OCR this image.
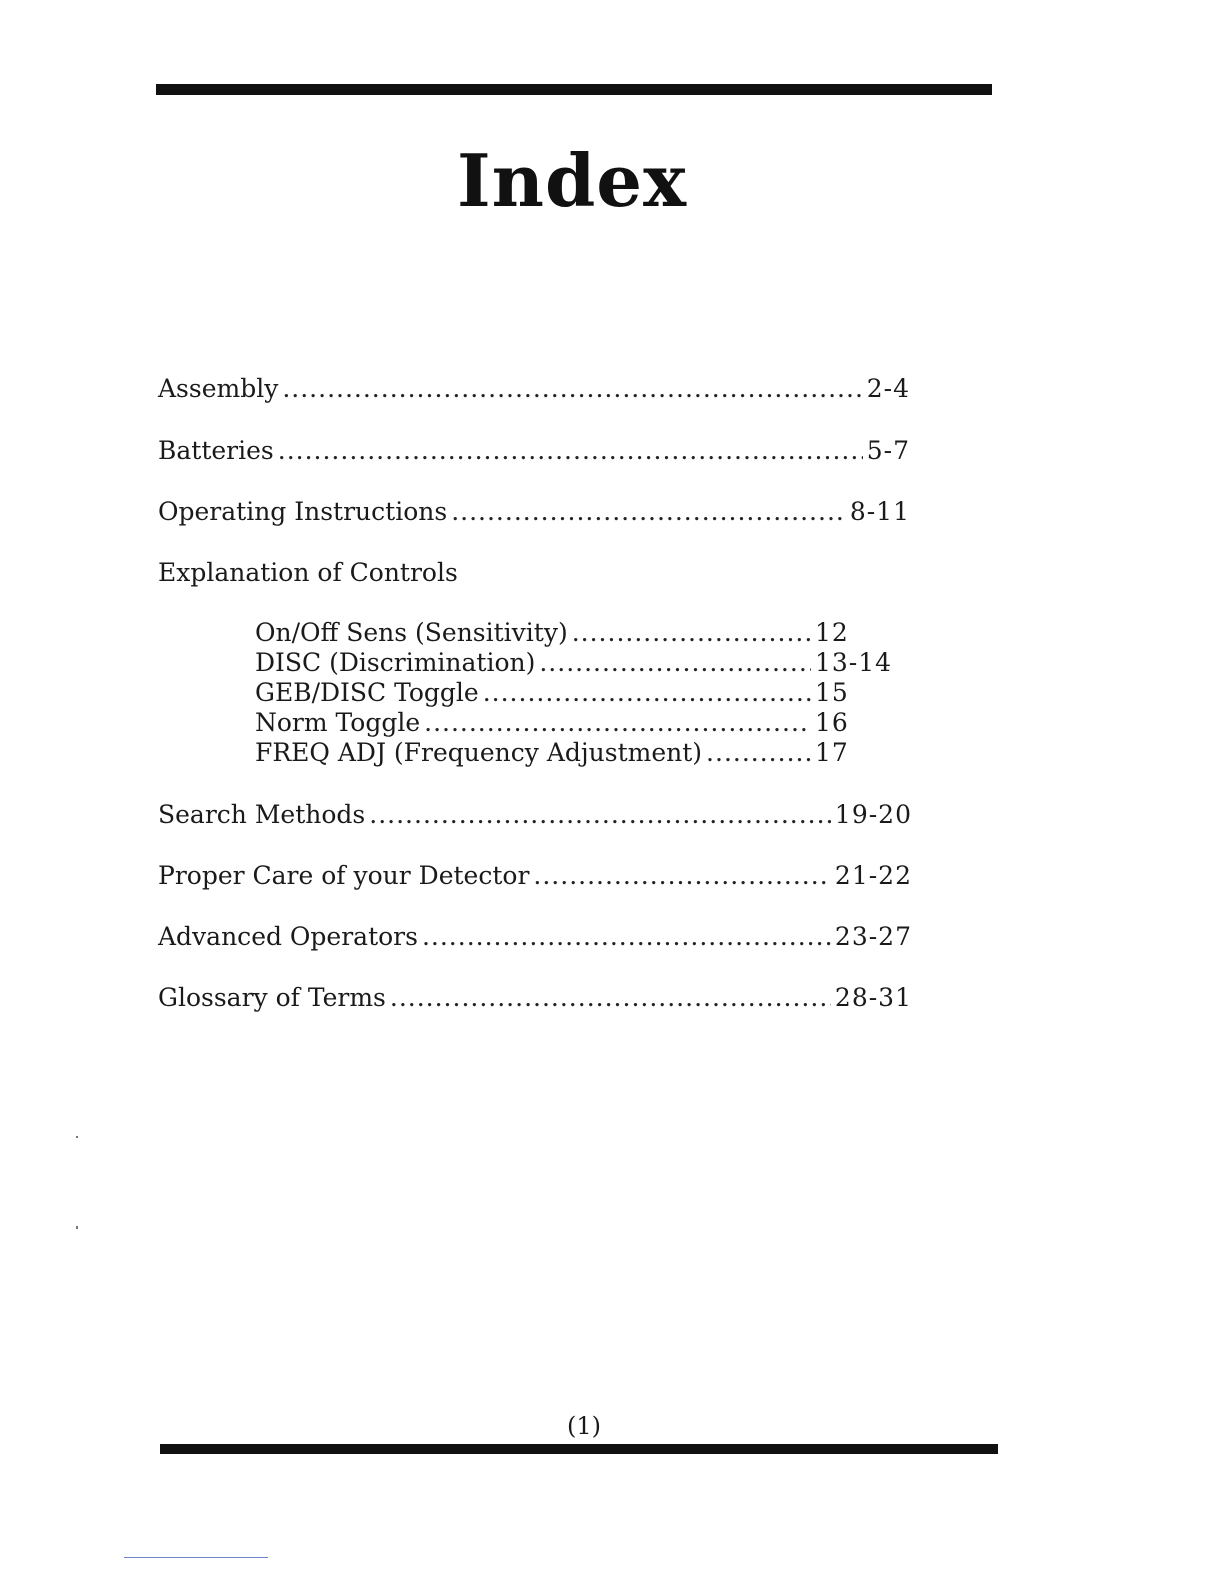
Index
Assembly .....	2-4
Batteries .....	5-7
Operating Instructions .....	8-11
Explanation of Controls
On/Off Sens (Sensitivity) .....	12
DISC (Discrimination) .....	13-14
GEB/DISC Toggle .....	15
Norm Toggle .....	16
FREQ ADJ (Frequency Adjustment) .....	17
Search Methods .....	19-20
Proper Care of your Detector .....	21-22
Advanced Operators .....	23-27
Glossary of Terms .....	28-31
(1)
